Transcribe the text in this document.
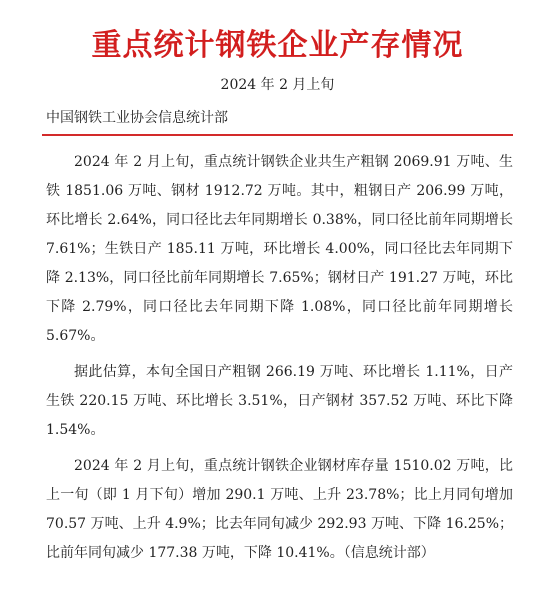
重点统计钢铁企业产存情况
2024 年 2 月上旬
中国钢铁工业协会信息统计部

2024 年 2 月上旬，重点统计钢铁企业共生产粗钢 2069.91 万吨、生铁 1851.06 万吨、钢材 1912.72 万吨。其中，粗钢日产 206.99 万吨，环比增长 2.64%，同口径比去年同期增长 0.38%，同口径比前年同期增长 7.61%；生铁日产 185.11 万吨，环比增长 4.00%，同口径比去年同期下降 2.13%，同口径比前年同期增长 7.65%；钢材日产 191.27 万吨，环比下降 2.79%，同口径比去年同期下降 1.08%，同口径比前年同期增长 5.67%。

据此估算，本旬全国日产粗钢 266.19 万吨、环比增长 1.11%，日产生铁 220.15 万吨、环比增长 3.51%，日产钢材 357.52 万吨、环比下降 1.54%。

2024 年 2 月上旬，重点统计钢铁企业钢材库存量 1510.02 万吨，比上一旬（即 1 月下旬）增加 290.1 万吨、上升 23.78%；比上月同旬增加 70.57 万吨、上升 4.9%；比去年同旬减少 292.93 万吨、下降 16.25%；比前年同旬减少 177.38 万吨，下降 10.41%。（信息统计部）
